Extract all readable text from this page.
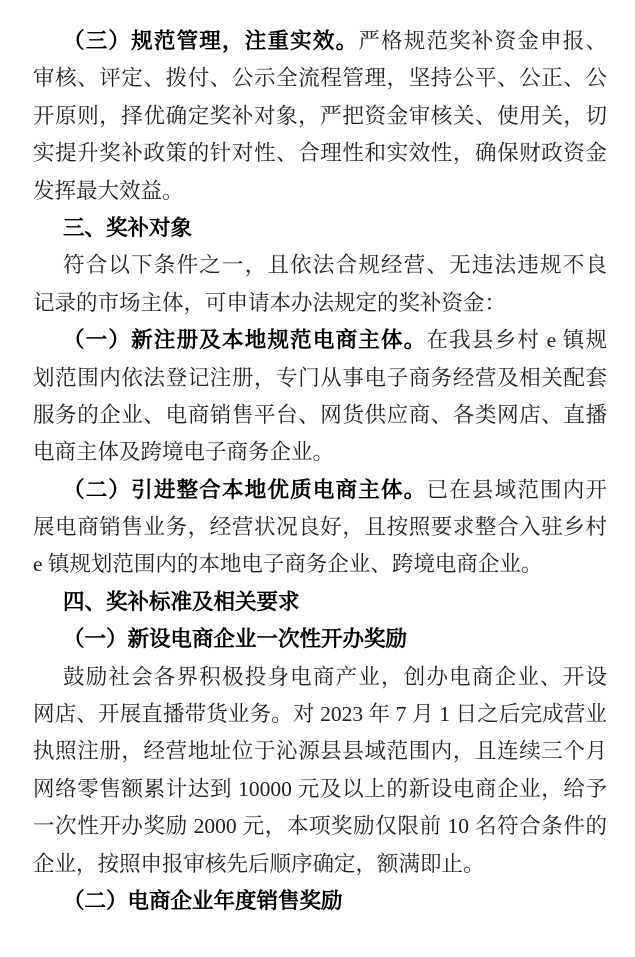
（三）规范管理，注重实效。严格规范奖补资金申报、
审核、评定、拨付、公示全流程管理，坚持公平、公正、公
开原则，择优确定奖补对象，严把资金审核关、使用关，切
实提升奖补政策的针对性、合理性和实效性，确保财政资金
发挥最大效益。
三、奖补对象
符合以下条件之一，且依法合规经营、无违法违规不良
记录的市场主体，可申请本办法规定的奖补资金：
（一）新注册及本地规范电商主体。在我县乡村 e 镇规
划范围内依法登记注册，专门从事电子商务经营及相关配套
服务的企业、电商销售平台、网货供应商、各类网店、直播
电商主体及跨境电子商务企业。
（二）引进整合本地优质电商主体。已在县域范围内开
展电商销售业务，经营状况良好，且按照要求整合入驻乡村
e 镇规划范围内的本地电子商务企业、跨境电商企业。
四、奖补标准及相关要求
（一）新设电商企业一次性开办奖励
鼓励社会各界积极投身电商产业，创办电商企业、开设
网店、开展直播带货业务。对 2023 年 7 月 1 日之后完成营业
执照注册，经营地址位于沁源县县域范围内，且连续三个月
网络零售额累计达到 10000 元及以上的新设电商企业，给予
一次性开办奖励 2000 元，本项奖励仅限前 10 名符合条件的
企业，按照申报审核先后顺序确定，额满即止。
（二）电商企业年度销售奖励
